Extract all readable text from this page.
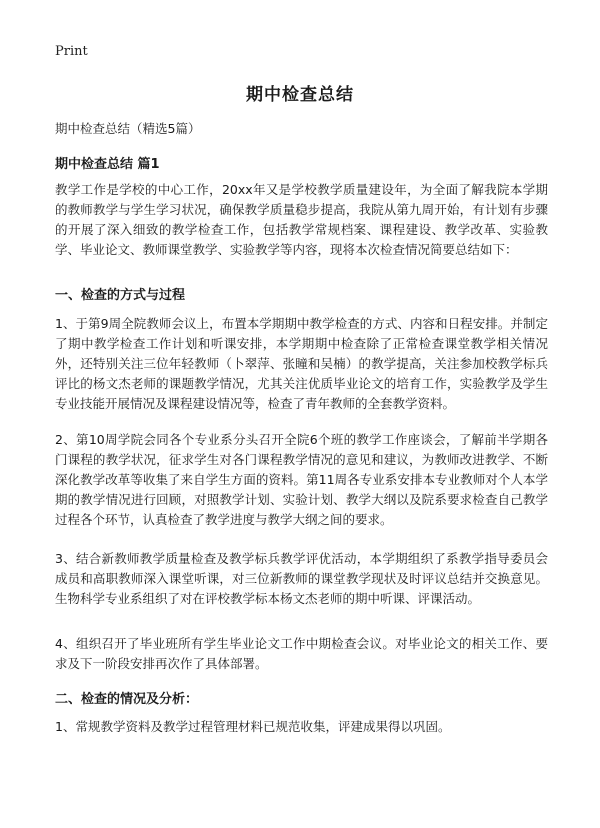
Print
期中检查总结
期中检查总结（精选5篇）
期中检查总结 篇1
教学工作是学校的中心工作，20xx年又是学校教学质量建设年，为全面了解我院本学期的教师教学与学生学习状况，确保教学质量稳步提高，我院从第九周开始，有计划有步骤的开展了深入细致的教学检查工作，包括教学常规档案、课程建设、教学改革、实验教学、毕业论文、教师课堂教学、实验教学等内容，现将本次检查情况简要总结如下：
一、检查的方式与过程
1、于第9周全院教师会议上，布置本学期期中教学检查的方式、内容和日程安排。并制定了期中教学检查工作计划和听课安排，本学期期中检查除了正常检查课堂教学相关情况外，还特别关注三位年轻教师（卜翠萍、张瞳和吴楠）的教学提高，关注参加校教学标兵评比的杨文杰老师的课题教学情况，尤其关注优质毕业论文的培育工作，实验教学及学生专业技能开展情况及课程建设情况等，检查了青年教师的全套教学资料。
2、第10周学院会同各个专业系分头召开全院6个班的教学工作座谈会，了解前半学期各门课程的教学状况，征求学生对各门课程教学情况的意见和建议，为教师改进教学、不断深化教学改革等收集了来自学生方面的资料。第11周各专业系安排本专业教师对个人本学期的教学情况进行回顾，对照教学计划、实验计划、教学大纲以及院系要求检查自己教学过程各个环节，认真检查了教学进度与教学大纲之间的要求。
3、结合新教师教学质量检查及教学标兵教学评优活动，本学期组织了系教学指导委员会成员和高职教师深入课堂听课，对三位新教师的课堂教学现状及时评议总结并交换意见。生物科学专业系组织了对在评校教学标本杨文杰老师的期中听课、评课活动。
4、组织召开了毕业班所有学生毕业论文工作中期检查会议。对毕业论文的相关工作、要求及下一阶段安排再次作了具体部署。
二、检查的情况及分析：
1、常规教学资料及教学过程管理材料已规范收集，评建成果得以巩固。
